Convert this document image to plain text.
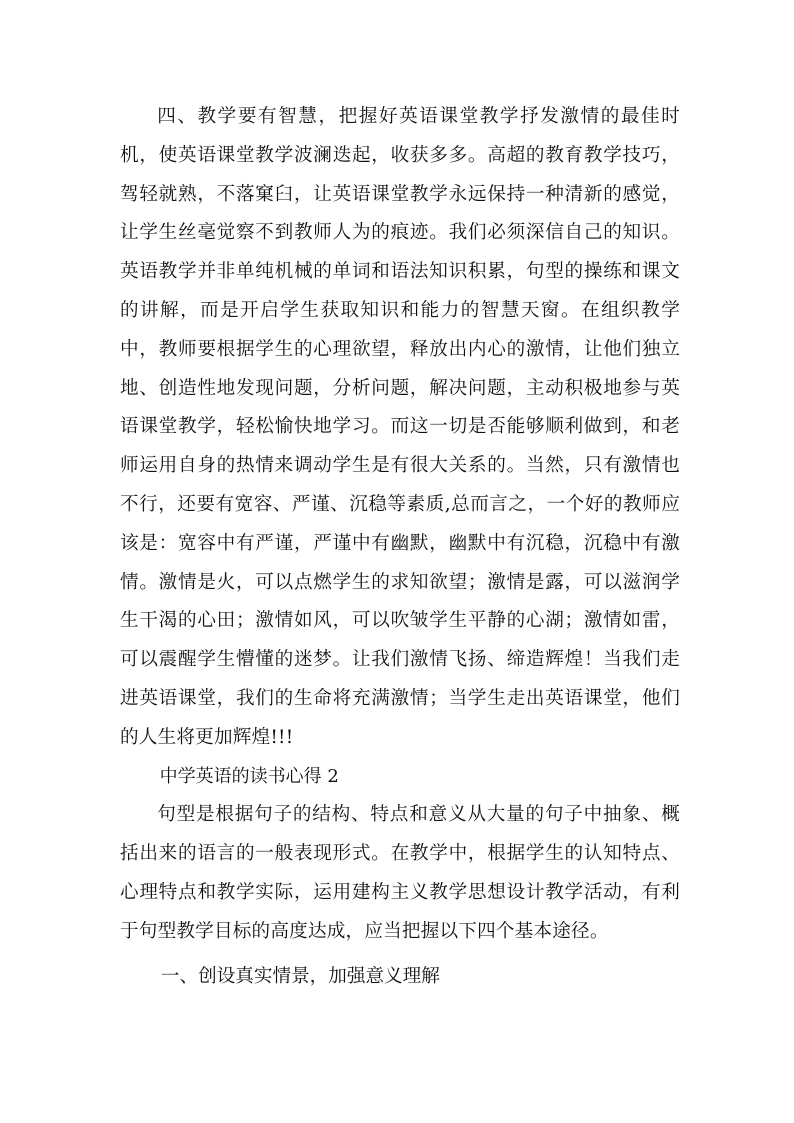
四、教学要有智慧，把握好英语课堂教学抒发激情的最佳时机，使英语课堂教学波澜迭起，收获多多。高超的教育教学技巧，驾轻就熟，不落窠臼，让英语课堂教学永远保持一种清新的感觉，让学生丝毫觉察不到教师人为的痕迹。我们必须深信自己的知识。英语教学并非单纯机械的单词和语法知识积累，句型的操练和课文的讲解，而是开启学生获取知识和能力的智慧天窗。在组织教学中，教师要根据学生的心理欲望，释放出内心的激情，让他们独立地、创造性地发现问题，分析问题，解决问题，主动积极地参与英语课堂教学，轻松愉快地学习。而这一切是否能够顺利做到，和老师运用自身的热情来调动学生是有很大关系的。当然，只有激情也不行，还要有宽容、严谨、沉稳等素质,总而言之，一个好的教师应该是：宽容中有严谨，严谨中有幽默，幽默中有沉稳，沉稳中有激情。激情是火，可以点燃学生的求知欲望；激情是露，可以滋润学生干渴的心田；激情如风，可以吹皱学生平静的心湖；激情如雷，可以震醒学生懵懂的迷梦。让我们激情飞扬、缔造辉煌！当我们走进英语课堂，我们的生命将充满激情；当学生走出英语课堂，他们的人生将更加辉煌!!!

中学英语的读书心得 2

句型是根据句子的结构、特点和意义从大量的句子中抽象、概括出来的语言的一般表现形式。在教学中，根据学生的认知特点、心理特点和教学实际，运用建构主义教学思想设计教学活动，有利于句型教学目标的高度达成，应当把握以下四个基本途径。

一、创设真实情景，加强意义理解
